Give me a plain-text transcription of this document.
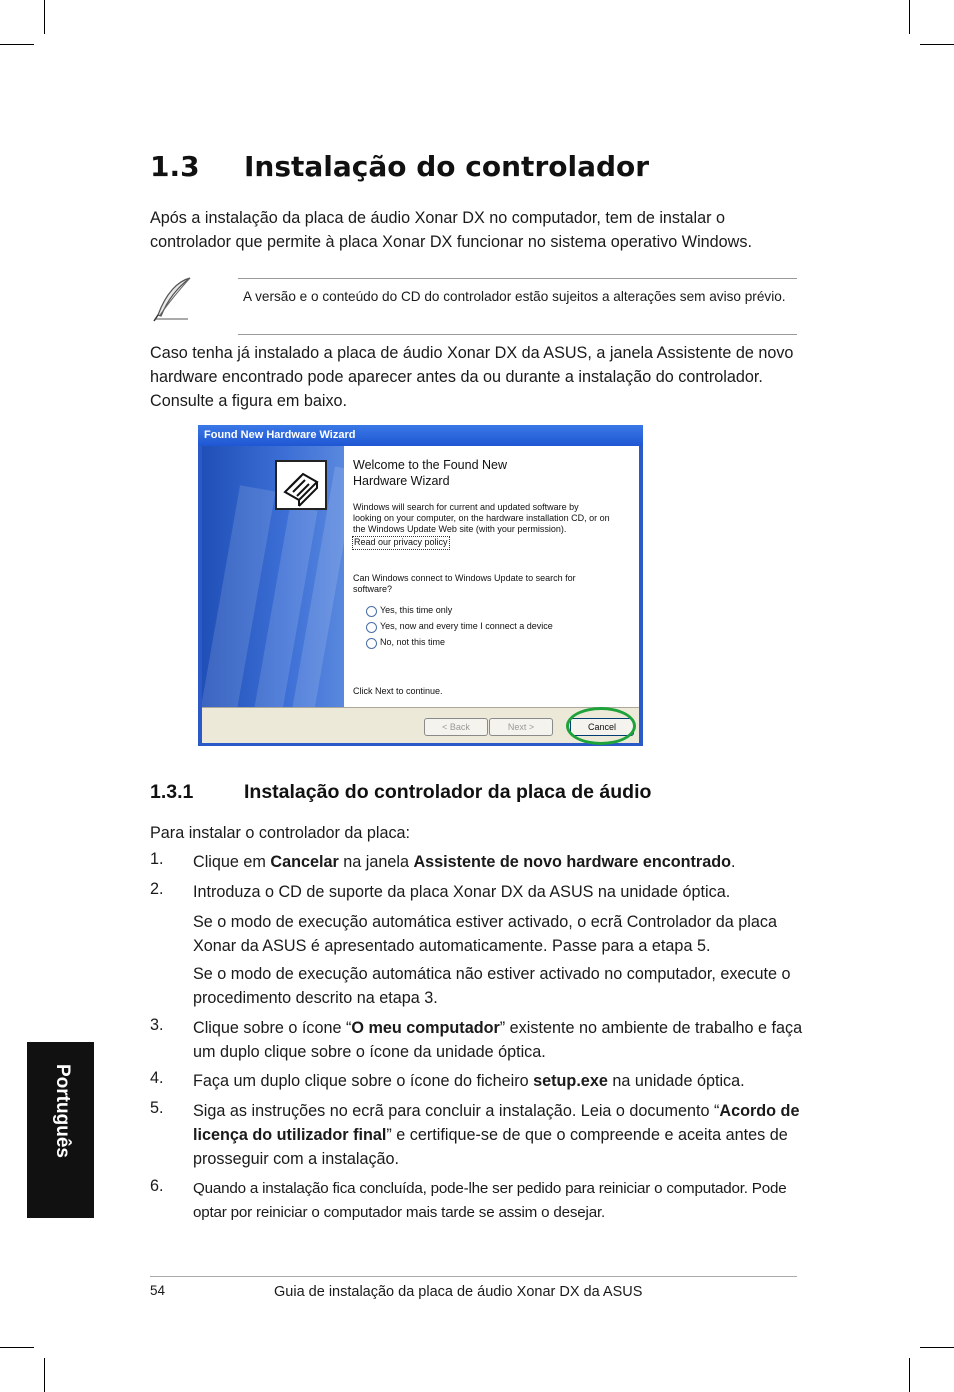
1.3 Instalação do controlador
Após a instalação da placa de áudio Xonar DX no computador, tem de instalar o controlador que permite à placa Xonar DX funcionar no sistema operativo Windows.
A versão e o conteúdo do CD do controlador estão sujeitos a alterações sem aviso prévio.
Caso tenha já instalado a placa de áudio Xonar DX da ASUS, a janela Assistente de novo hardware encontrado pode aparecer antes da ou durante a instalação do controlador. Consulte a figura em baixo.
Found New Hardware Wizard
Welcome to the Found New
Hardware Wizard
Windows will search for current and updated software by
looking on your computer, on the hardware installation CD, or on
the Windows Update Web site (with your permission).
Read our privacy policy
Can Windows connect to Windows Update to search for
software?
Yes, this time only
Yes, now and every time I connect a device
No, not this time
Click Next to continue.
< Back	Next >	Cancel
1.3.1	Instalação do controlador da placa de áudio
Para instalar o controlador da placa:
1. Clique em Cancelar na janela Assistente de novo hardware encontrado.
2. Introduza o CD de suporte da placa Xonar DX da ASUS na unidade óptica.
Se o modo de execução automática estiver activado, o ecrã Controlador da placa Xonar da ASUS é apresentado automaticamente. Passe para a etapa 5.
Se o modo de execução automática não estiver activado no computador, execute o procedimento descrito na etapa 3.
3. Clique sobre o ícone “O meu computador” existente no ambiente de trabalho e faça um duplo clique sobre o ícone da unidade óptica.
4. Faça um duplo clique sobre o ícone do ficheiro setup.exe na unidade óptica.
5. Siga as instruções no ecrã para concluir a instalação. Leia o documento “Acordo de licença do utilizador final” e certifique-se de que o compreende e aceita antes de prosseguir com a instalação.
6. Quando a instalação fica concluída, pode-lhe ser pedido para reiniciar o computador. Pode optar por reiniciar o computador mais tarde se assim o desejar.
Português
54	Guia de instalação da placa de áudio Xonar DX da ASUS
